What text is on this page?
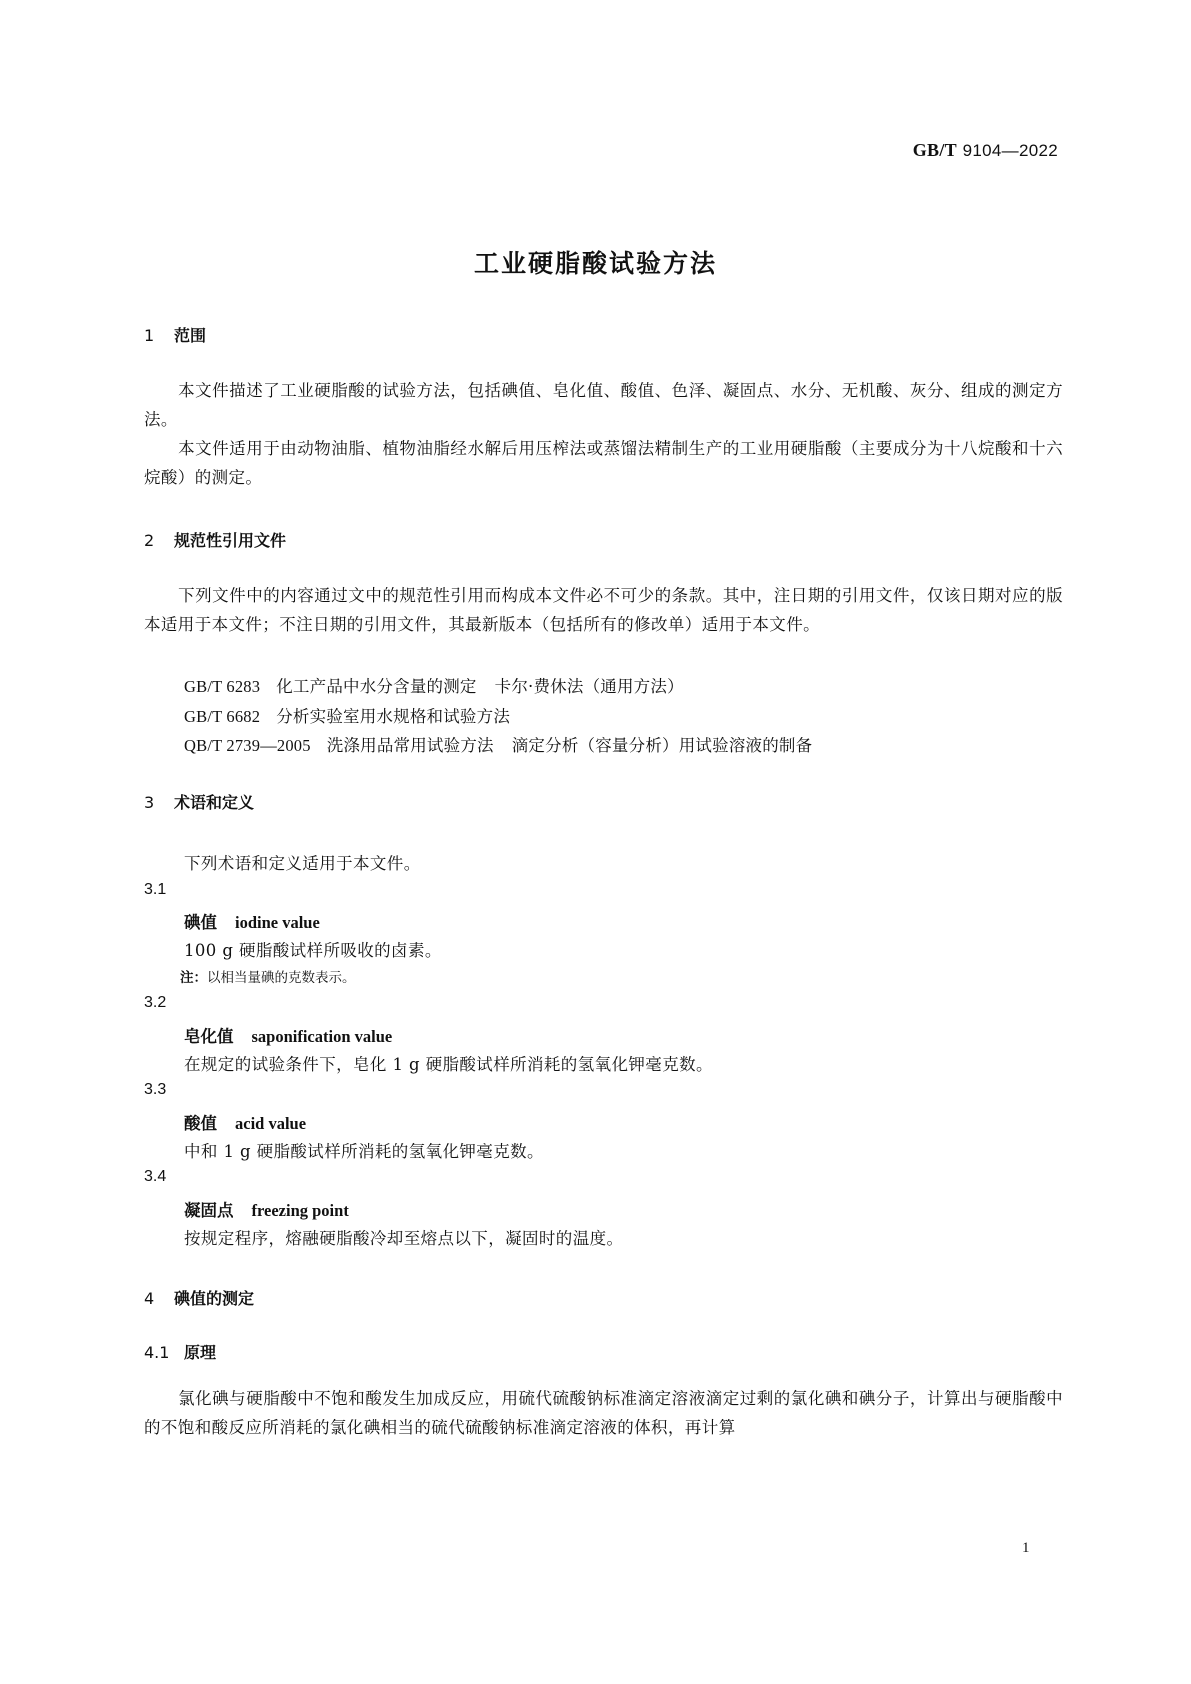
GB/T 9104—2022
工业硬脂酸试验方法
1 范围
本文件描述了工业硬脂酸的试验方法，包括碘值、皂化值、酸值、色泽、凝固点、水分、无机酸、灰分、组成的测定方法。
本文件适用于由动物油脂、植物油脂经水解后用压榨法或蒸馏法精制生产的工业用硬脂酸（主要成分为十八烷酸和十六烷酸）的测定。
2 规范性引用文件
下列文件中的内容通过文中的规范性引用而构成本文件必不可少的条款。其中，注日期的引用文件，仅该日期对应的版本适用于本文件；不注日期的引用文件，其最新版本（包括所有的修改单）适用于本文件。
GB/T 6283 化工产品中水分含量的测定 卡尔·费休法（通用方法）
GB/T 6682 分析实验室用水规格和试验方法
QB/T 2739—2005 洗涤用品常用试验方法 滴定分析（容量分析）用试验溶液的制备
3 术语和定义
下列术语和定义适用于本文件。
3.1
碘值 iodine value
100 g 硬脂酸试样所吸收的卤素。
注：以相当量碘的克数表示。
3.2
皂化值 saponification value
在规定的试验条件下，皂化 1 g 硬脂酸试样所消耗的氢氧化钾毫克数。
3.3
酸值 acid value
中和 1 g 硬脂酸试样所消耗的氢氧化钾毫克数。
3.4
凝固点 freezing point
按规定程序，熔融硬脂酸冷却至熔点以下，凝固时的温度。
4 碘值的测定
4.1 原理
氯化碘与硬脂酸中不饱和酸发生加成反应，用硫代硫酸钠标准滴定溶液滴定过剩的氯化碘和碘分子，计算出与硬脂酸中的不饱和酸反应所消耗的氯化碘相当的硫代硫酸钠标准滴定溶液的体积，再计算
1
